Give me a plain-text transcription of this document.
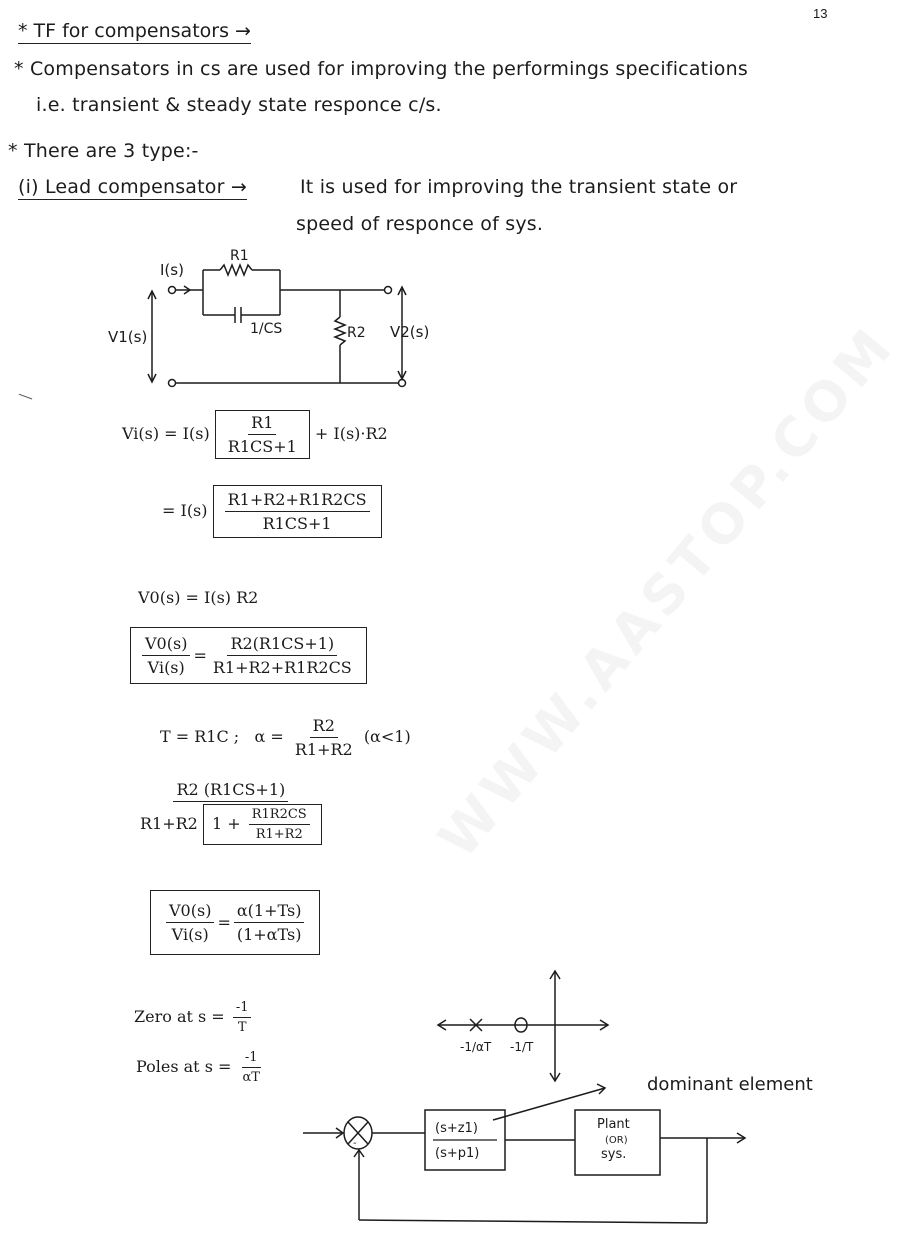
13
* TF for compensators →
* Compensators in cs are used for improving the performings specifications
i.e. transient & steady state responce c/s.
* There are 3 type:-
(i) Lead compensator →	It is used for improving the transient state or
speed of responce of sys.
I(s)
R1
1/CS	R2
V1(s)	V2(s)
$Vi(s) = I(s) \frac{R1}{R1CS+1} + I(s)\cdot R2$
= $I(s) \frac{R1+R2+R1R2CS}{R1CS+1}$
V0(s) = I(s) R2
$\frac{V0(s)}{Vi(s)} = \frac{R2(R1CS+1)}{R1+R2+R1R2CS}$
T = R1C ; $\alpha = \frac{R2}{R1+R2} (\alpha<1)$
R2 (R1CS+1)
R1+R2 $1 + \frac{R1R2CS}{R1+R2}$
$\frac{V0(s)}{Vi(s)} = \frac{\alpha(1+Ts)}{\text{(1+αTs)}}$
Zero at $s = \frac{-1}{T}$
Poles at $s = \frac{-1}{\alpha T}$
-1/αT -1/T
(s+z1)
(s+p1)
Plant
(OR)
sys.
-
dominant element
